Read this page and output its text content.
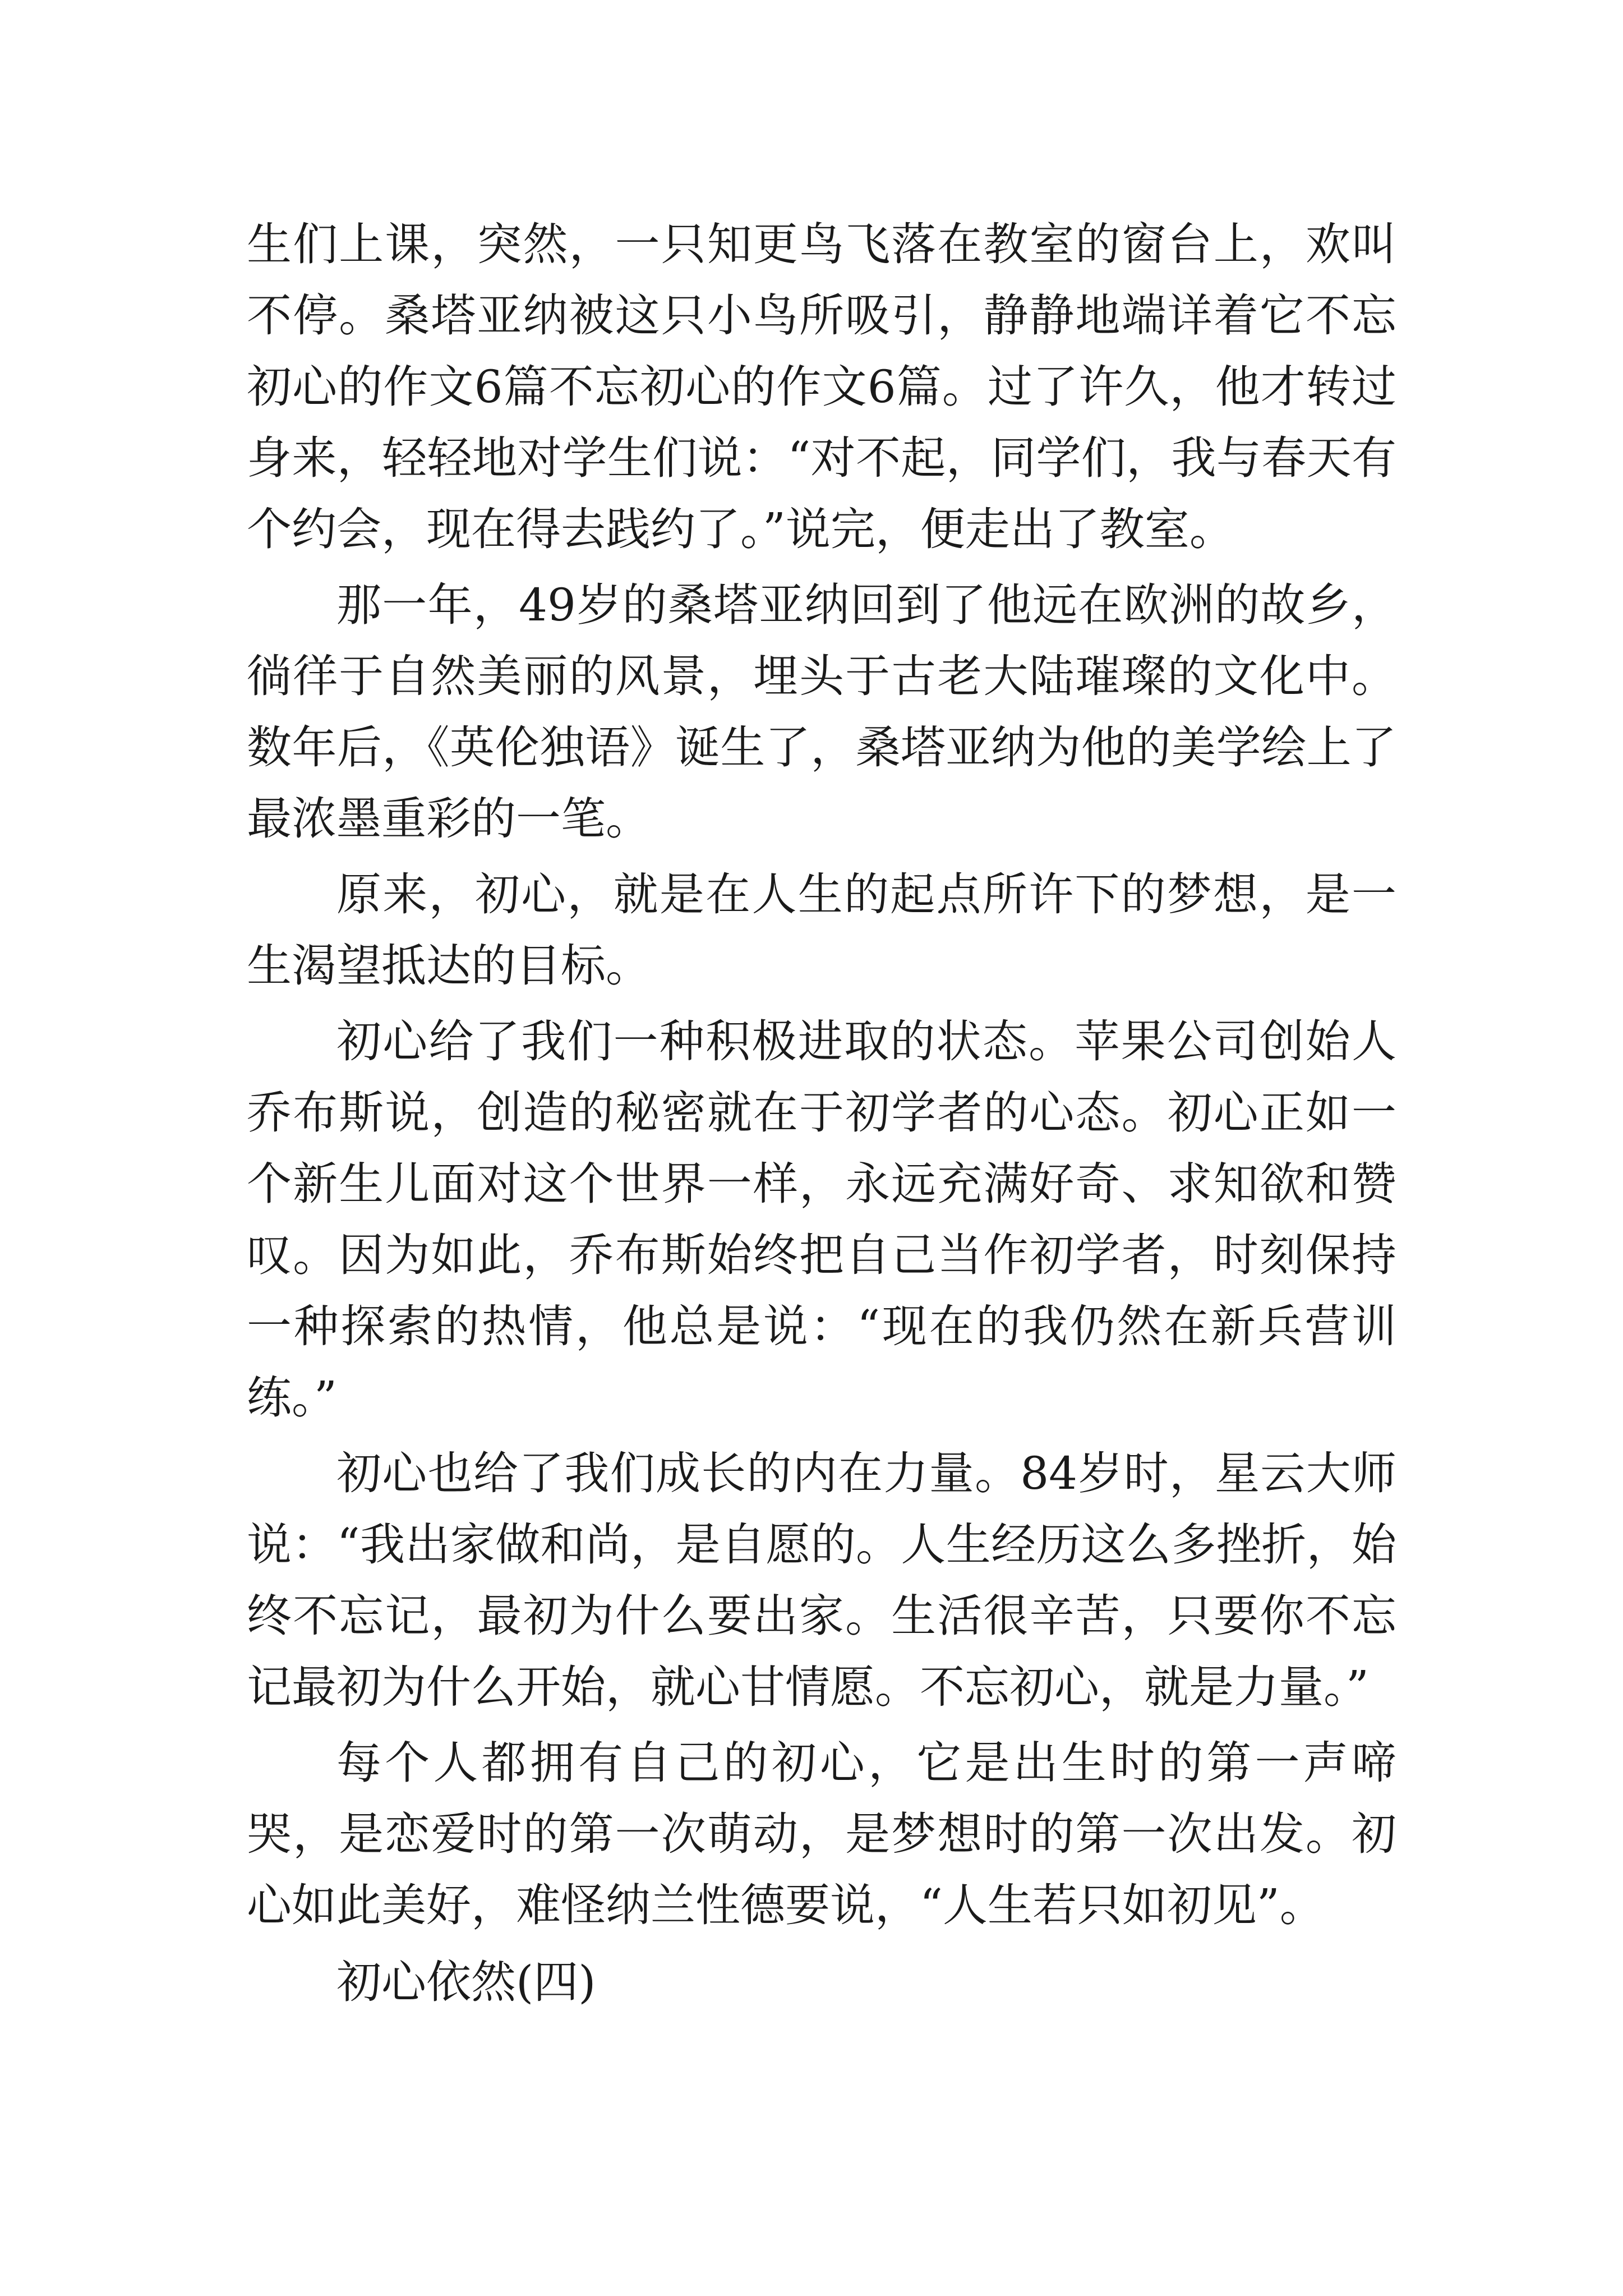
生们上课，突然，一只知更鸟飞落在教室的窗台上，欢叫不停。桑塔亚纳被这只小鸟所吸引，静静地端详着它不忘初心的作文6篇不忘初心的作文6篇。过了许久，他才转过身来，轻轻地对学生们说：“对不起，同学们，我与春天有个约会，现在得去践约了。”说完，便走出了教室。

那一年，49岁的桑塔亚纳回到了他远在欧洲的故乡，徜徉于自然美丽的风景，埋头于古老大陆璀璨的文化中。数年后，《英伦独语》诞生了，桑塔亚纳为他的美学绘上了最浓墨重彩的一笔。

原来，初心，就是在人生的起点所许下的梦想，是一生渴望抵达的目标。

初心给了我们一种积极进取的状态。苹果公司创始人乔布斯说，创造的秘密就在于初学者的心态。初心正如一个新生儿面对这个世界一样，永远充满好奇、求知欲和赞叹。因为如此，乔布斯始终把自己当作初学者，时刻保持一种探索的热情，他总是说：“现在的我仍然在新兵营训练。”

初心也给了我们成长的内在力量。84岁时，星云大师说：“我出家做和尚，是自愿的。人生经历这么多挫折，始终不忘记，最初为什么要出家。生活很辛苦，只要你不忘记最初为什么开始，就心甘情愿。不忘初心，就是力量。”

每个人都拥有自己的初心，它是出生时的第一声啼哭，是恋爱时的第一次萌动，是梦想时的第一次出发。初心如此美好，难怪纳兰性德要说，“人生若只如初见”。

初心依然(四)
